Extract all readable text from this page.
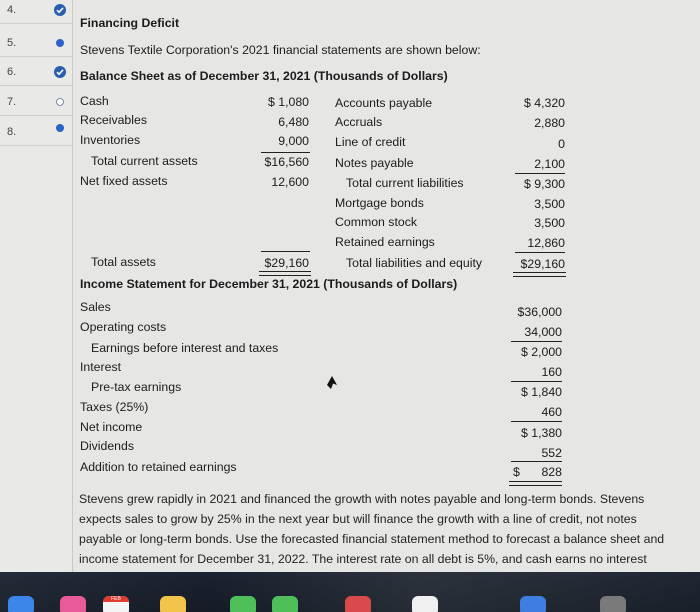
4.
5.
6.
7.
8.
Financing Deficit
Stevens Textile Corporation's 2021 financial statements are shown below:
Balance Sheet as of December 31, 2021 (Thousands of Dollars)
Cash	$ 1,080
Receivables	6,480
Inventories	9,000
Total current assets	$16,560
Net fixed assets	12,600
Total assets	$29,160
Accounts payable	$ 4,320
Accruals	2,880
Line of credit	0
Notes payable	2,100
Total current liabilities	$ 9,300
Mortgage bonds	3,500
Common stock	3,500
Retained earnings	12,860
Total liabilities and equity	$29,160
Income Statement for December 31, 2021 (Thousands of Dollars)
Sales	$36,000
Operating costs	34,000
Earnings before interest and taxes	$ 2,000
Interest	160
Pre-tax earnings	$ 1,840
Taxes (25%)	460
Net income	$ 1,380
Dividends	552
Addition to retained earnings	$	828
Stevens grew rapidly in 2021 and financed the growth with notes payable and long-term bonds. Stevens
expects sales to grow by 25% in the next year but will finance the growth with a line of credit, not notes
payable or long-term bonds. Use the forecasted financial statement method to forecast a balance sheet and
income statement for December 31, 2022. The interest rate on all debt is 5%, and cash earns no interest
FEB
